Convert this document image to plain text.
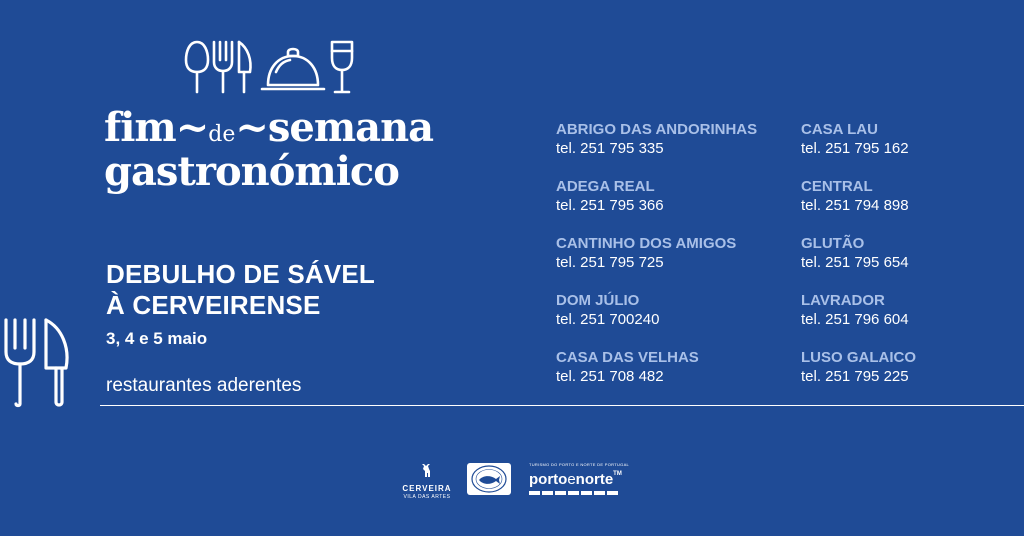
fim~de~semana
gastronómico
DEBULHO DE SÁVEL
À CERVEIRENSE
3, 4 e 5 maio
restaurantes aderentes
ABRIGO DAS ANDORINHAS
tel. 251 795 335
ADEGA REAL
tel. 251 795 366
CANTINHO DOS AMIGOS
tel. 251 795 725
DOM JÚLIO
tel. 251 700240
CASA DAS VELHAS
tel. 251 708 482
CASA LAU
tel. 251 795 162
CENTRAL
tel. 251 794 898
GLUTÃO
tel. 251 795 654
LAVRADOR
tel. 251 796 604
LUSO GALAICO
tel. 251 795 225
CERVEIRA
VILA DAS ARTES
TURISMO DO PORTO E NORTE DE PORTUGAL
portoenorte™
